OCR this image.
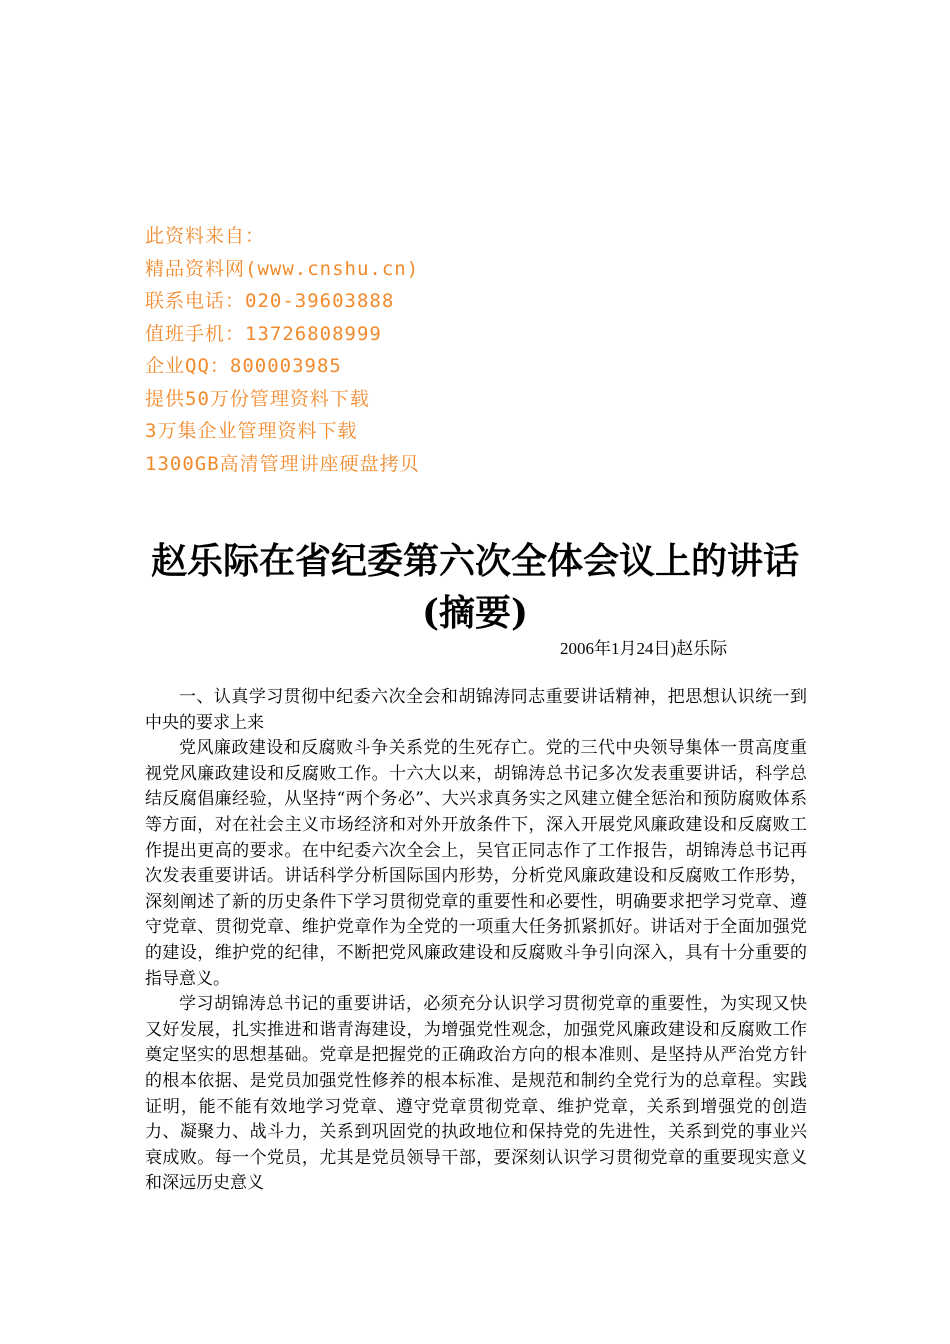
此资料来自：
精品资料网(www.cnshu.cn)
联系电话：020-39603888
值班手机：13726808999
企业QQ：800003985
提供50万份管理资料下载
3万集企业管理资料下载
1300GB高清管理讲座硬盘拷贝
赵乐际在省纪委第六次全体会议上的讲话
(摘要)
2006年1月24日)赵乐际

一、认真学习贯彻中纪委六次全会和胡锦涛同志重要讲话精神，把思想认识统一到中央的要求上来

党风廉政建设和反腐败斗争关系党的生死存亡。党的三代中央领导集体一贯高度重视党风廉政建设和反腐败工作。十六大以来，胡锦涛总书记多次发表重要讲话，科学总结反腐倡廉经验，从坚持“两个务必”、大兴求真务实之风建立健全惩治和预防腐败体系等方面，对在社会主义市场经济和对外开放条件下，深入开展党风廉政建设和反腐败工作提出更高的要求。在中纪委六次全会上，吴官正同志作了工作报告，胡锦涛总书记再次发表重要讲话。讲话科学分析国际国内形势，分析党风廉政建设和反腐败工作形势，深刻阐述了新的历史条件下学习贯彻党章的重要性和必要性，明确要求把学习党章、遵守党章、贯彻党章、维护党章作为全党的一项重大任务抓紧抓好。讲话对于全面加强党的建设，维护党的纪律，不断把党风廉政建设和反腐败斗争引向深入，具有十分重要的指导意义。

学习胡锦涛总书记的重要讲话，必须充分认识学习贯彻党章的重要性，为实现又快又好发展，扎实推进和谐青海建设，为增强党性观念，加强党风廉政建设和反腐败工作奠定坚实的思想基础。党章是把握党的正确政治方向的根本准则、是坚持从严治党方针的根本依据、是党员加强党性修养的根本标准、是规范和制约全党行为的总章程。实践证明，能不能有效地学习党章、遵守党章贯彻党章、维护党章，关系到增强党的创造力、凝聚力、战斗力，关系到巩固党的执政地位和保持党的先进性，关系到党的事业兴衰成败。每一个党员，尤其是党员领导干部，要深刻认识学习贯彻党章的重要现实意义和深远历史意义
